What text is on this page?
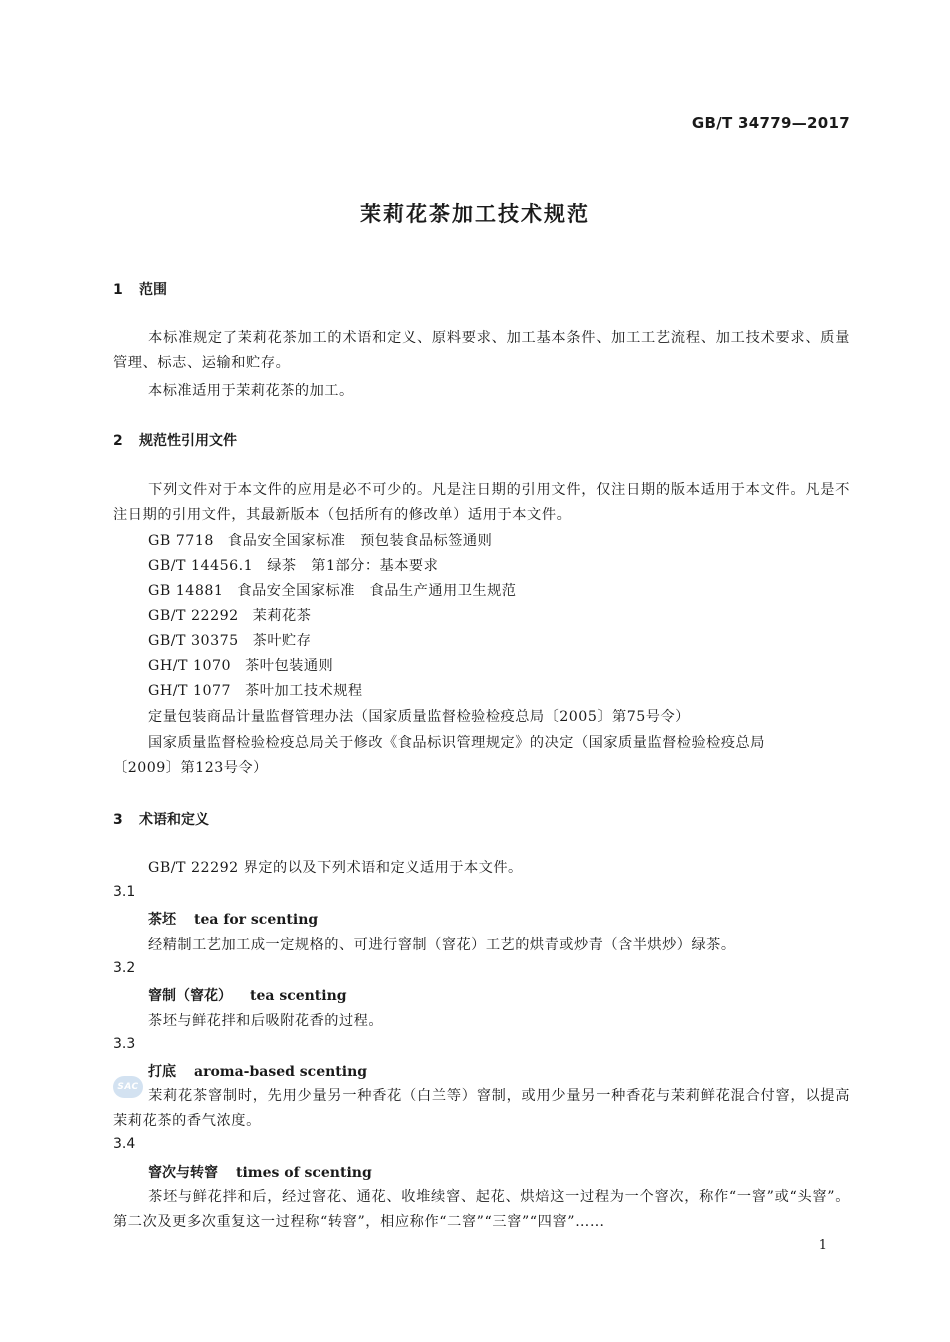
GB/T 34779—2017
茉莉花茶加工技术规范
1 范围
本标准规定了茉莉花茶加工的术语和定义、原料要求、加工基本条件、加工工艺流程、加工技术要求、质量管理、标志、运输和贮存。
本标准适用于茉莉花茶的加工。
2 规范性引用文件
下列文件对于本文件的应用是必不可少的。凡是注日期的引用文件，仅注日期的版本适用于本文件。凡是不注日期的引用文件，其最新版本（包括所有的修改单）适用于本文件。
GB 7718 食品安全国家标准　预包装食品标签通则
GB/T 14456.1 绿茶　第1部分：基本要求
GB 14881 食品安全国家标准　食品生产通用卫生规范
GB/T 22292 茉莉花茶
GB/T 30375 茶叶贮存
GH/T 1070 茶叶包装通则
GH/T 1077 茶叶加工技术规程
定量包装商品计量监督管理办法（国家质量监督检验检疫总局〔2005〕第75号令）
国家质量监督检验检疫总局关于修改《食品标识管理规定》的决定（国家质量监督检验检疫总局
〔2009〕第123号令）
3 术语和定义
GB/T 22292 界定的以及下列术语和定义适用于本文件。
3.1
茶坯 tea for scenting
经精制工艺加工成一定规格的、可进行窨制（窨花）工艺的烘青或炒青（含半烘炒）绿茶。
3.2
窨制（窨花） tea scenting
茶坯与鲜花拌和后吸附花香的过程。
3.3
打底 aroma-based scenting
SAC
茉莉花茶窨制时，先用少量另一种香花（白兰等）窨制，或用少量另一种香花与茉莉鲜花混合付窨，以提高茉莉花茶的香气浓度。
3.4
窨次与转窨 times of scenting
茶坯与鲜花拌和后，经过窨花、通花、收堆续窨、起花、烘焙这一过程为一个窨次，称作“一窨”或“头窨”。第二次及更多次重复这一过程称“转窨”，相应称作“二窨”“三窨”“四窨”……
1
